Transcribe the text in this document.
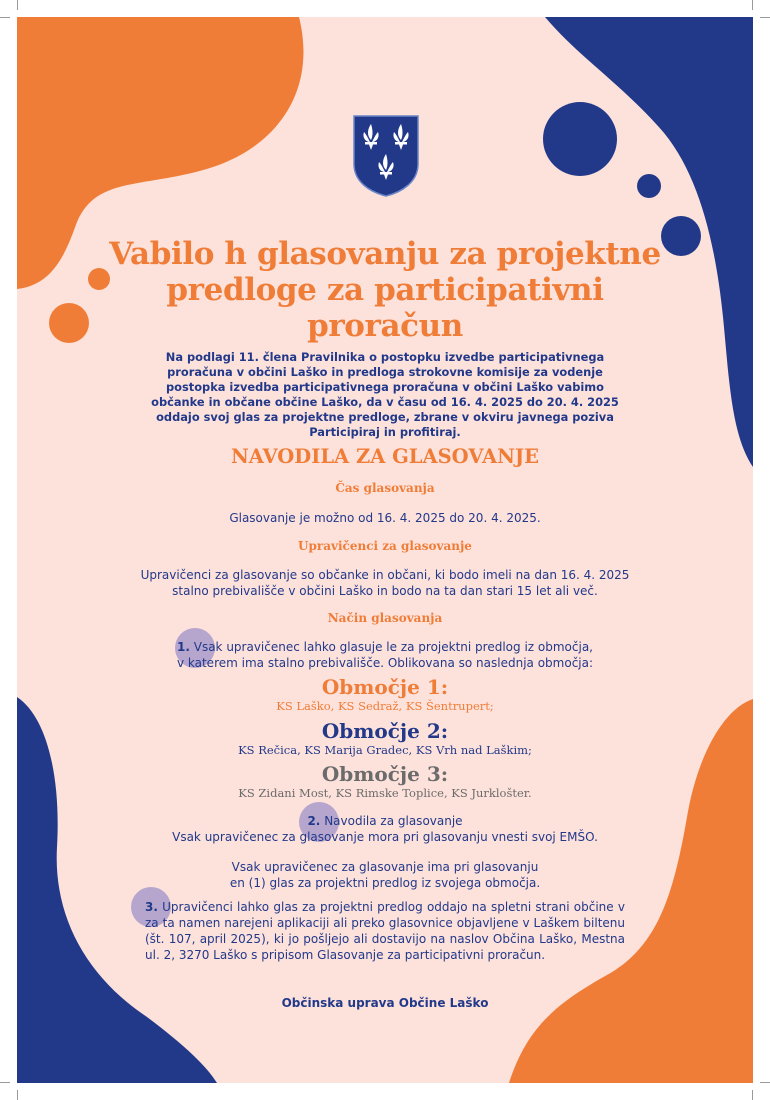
Vabilo h glasovanju za projektne predloge za participativni proračun

Na podlagi 11. člena Pravilnika o postopku izvedbe participativnega proračuna v občini Laško in predloga strokovne komisije za vodenje postopka izvedba participativnega proračuna v občini Laško vabimo občanke in občane občine Laško, da v času od 16. 4. 2025 do 20. 4. 2025 oddajo svoj glas za projektne predloge, zbrane v okviru javnega poziva Participiraj in profitiraj.

NAVODILA ZA GLASOVANJE
Čas glasovanja

Glasovanje je možno od 16. 4. 2025 do 20. 4. 2025.

Upravičenci za glasovanje

Upravičenci za glasovanje so občanke in občani, ki bodo imeli na dan 16. 4. 2025

stalno prebivališče v občini Laško in bodo na ta dan stari 15 let ali več.

Način glasovanja

1. Vsak upravičenec lahko glasuje le za projektni predlog iz območja,

v katerem ima stalno prebivališče. Oblikovana so naslednja območja:

Območje 1:

KS Laško, KS Sedraž, KS Šentrupert;

Območje 2:

KS Rečica, KS Marija Gradec, KS Vrh nad Laškim;

Območje 3:

KS Zidani Most, KS Rimske Toplice, KS Jurklošter.

2. Navodila za glasovanje

Vsak upravičenec za glasovanje mora pri glasovanju vnesti svoj EMŠO.

Vsak upravičenec za glasovanje ima pri glasovanju

en (1) glas za projektni predlog iz svojega območja.

3. Upravičenci lahko glas za projektni predlog oddajo na spletni strani občine v za ta namen narejeni aplikaciji ali preko glasovnice objavljene v Laškem biltenu (št. 107, april 2025), ki jo pošljejo ali dostavijo na naslov Občina Laško, Mestna ul. 2, 3270 Laško s pripisom Glasovanje za participativni proračun.

Občinska uprava Občine Laško
